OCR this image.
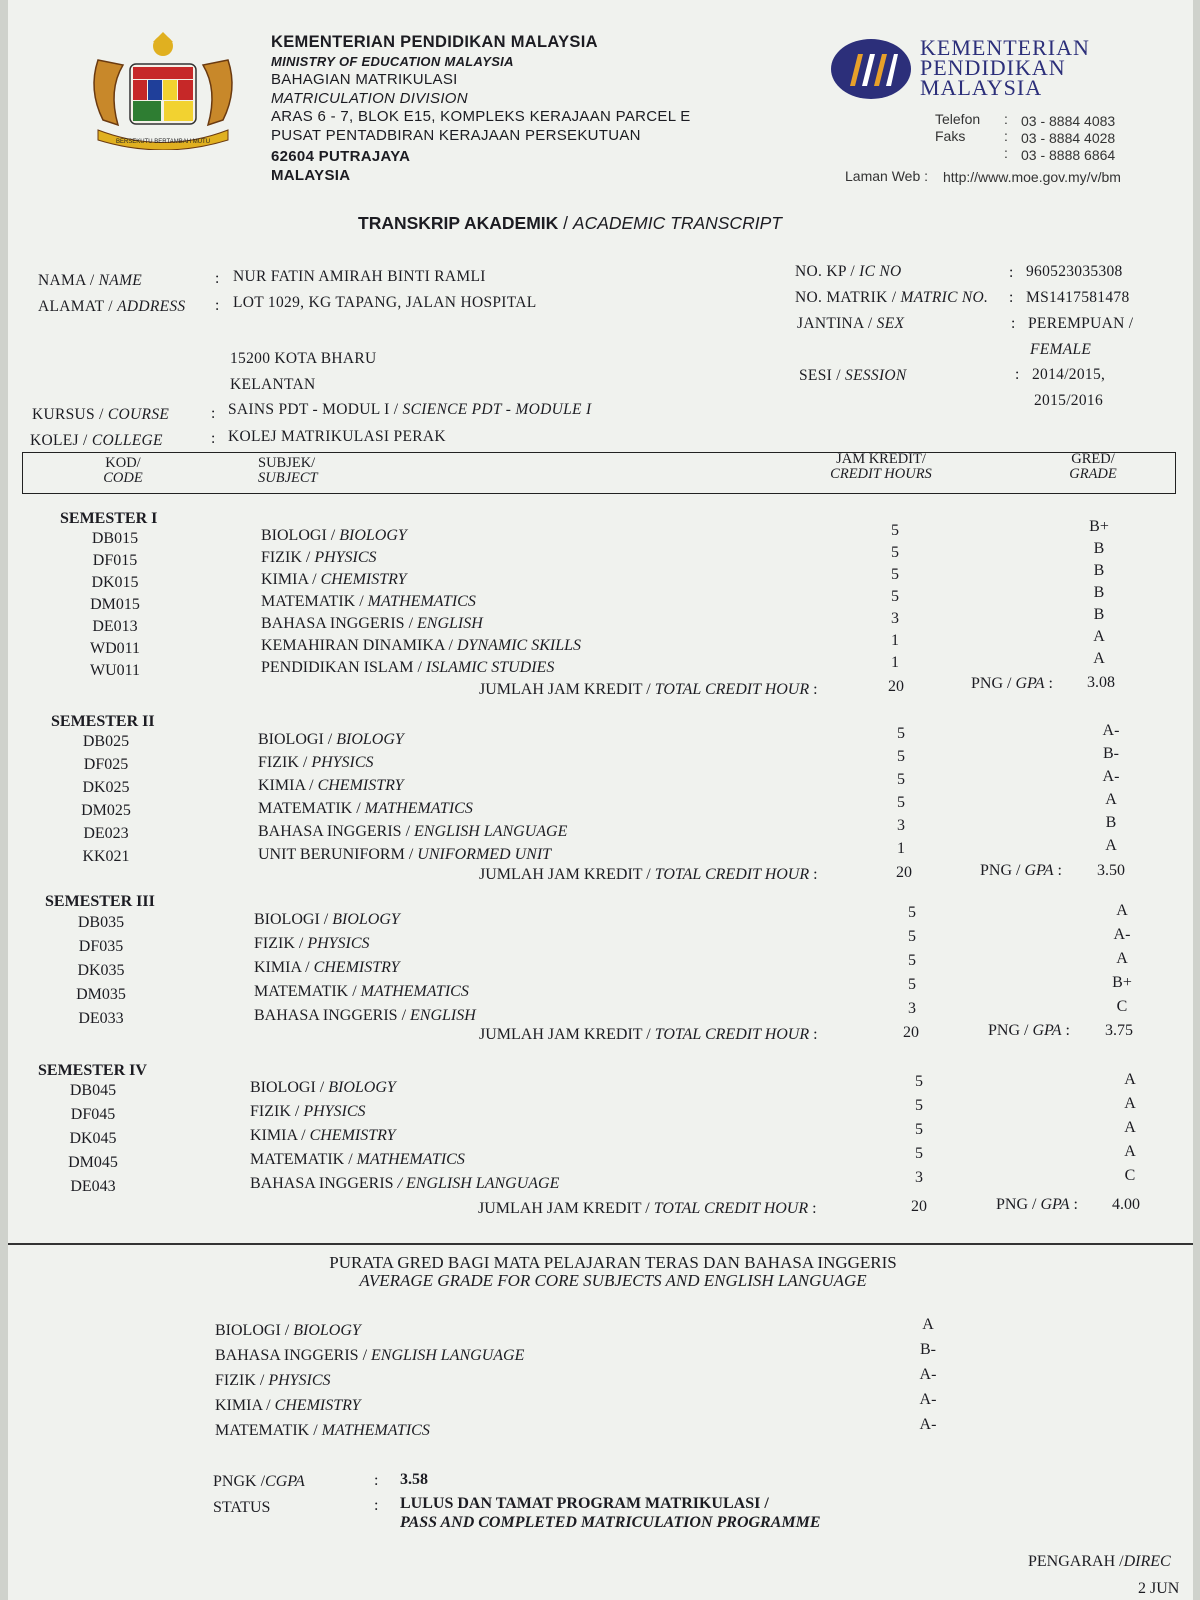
BERSEKUTU BERTAMBAH MUTU
KEMENTERIAN PENDIDIKAN MALAYSIA
MINISTRY OF EDUCATION MALAYSIA
BAHAGIAN MATRIKULASI
MATRICULATION DIVISION
ARAS 6 - 7, BLOK E15, KOMPLEKS KERAJAAN PARCEL E
PUSAT PENTADBIRAN KERAJAAN PERSEKUTUAN
62604 PUTRAJAYA
MALAYSIA
KEMENTERIAN
PENDIDIKAN
MALAYSIA
Telefon : 03 - 8884 4083
Faks	: 03 - 8884 4028
: 03 - 8888 6864
Laman Web : http://www.moe.gov.my/v/bm
TRANSKRIP AKADEMIK / ACADEMIC TRANSCRIPT
NAMA / NAME	: NUR FATIN AMIRAH BINTI RAMLI
ALAMAT / ADDRESS : LOT 1029, KG TAPANG, JALAN HOSPITAL
15200 KOTA BHARU
KELANTAN
KURSUS / COURSE	: SAINS PDT - MODUL I / SCIENCE PDT - MODULE I
KOLEJ / COLLEGE	: KOLEJ MATRIKULASI PERAK
NO. KP / IC NO	: 960523035308
NO. MATRIK / MATRIC NO. : MS1417581478
JANTINA / SEX	: PEREMPUAN /
FEMALE
SESI / SESSION	: 2014/2015,
2015/2016
KOD/
CODE
SUBJEK/
SUBJECT
JAM KREDIT/
CREDIT HOURS
GRED/
GRADE
SEMESTER I
DB015	BIOLOGI / BIOLOGY	5	B+
DF015	FIZIK / PHYSICS	5	B
DK015	KIMIA / CHEMISTRY	5	B
DM015	MATEMATIK / MATHEMATICS	5	B
DE013	BAHASA INGGERIS / ENGLISH	3	B
WD011	KEMAHIRAN DINAMIKA / DYNAMIC SKILLS	1	A
WU011	PENDIDIKAN ISLAM / ISLAMIC STUDIES	1	A
JUMLAH JAM KREDIT / TOTAL CREDIT HOUR :	20	PNG / GPA : 3.08
SEMESTER II
DB025	BIOLOGI / BIOLOGY	5	A-
DF025	FIZIK / PHYSICS	5	B-
DK025	KIMIA / CHEMISTRY	5	A-
DM025	MATEMATIK / MATHEMATICS	5	A
DE023	BAHASA INGGERIS / ENGLISH LANGUAGE	3	B
KK021	UNIT BERUNIFORM / UNIFORMED UNIT	1	A
JUMLAH JAM KREDIT / TOTAL CREDIT HOUR :	20	PNG / GPA : 3.50
SEMESTER III
DB035	BIOLOGI / BIOLOGY	5	A
DF035	FIZIK / PHYSICS	5	A-
DK035	KIMIA / CHEMISTRY	5	A
DM035	MATEMATIK / MATHEMATICS	5	B+
DE033	BAHASA INGGERIS / ENGLISH	3	C
JUMLAH JAM KREDIT / TOTAL CREDIT HOUR :	20	PNG / GPA : 3.75
SEMESTER IV
DB045	BIOLOGI / BIOLOGY	5	A
DF045	FIZIK / PHYSICS	5	A
DK045	KIMIA / CHEMISTRY	5	A
DM045	MATEMATIK / MATHEMATICS	5	A
DE043	BAHASA INGGERIS / ENGLISH LANGUAGE	3	C
JUMLAH JAM KREDIT / TOTAL CREDIT HOUR :	20	PNG / GPA : 4.00
PURATA GRED BAGI MATA PELAJARAN TERAS DAN BAHASA INGGERIS
AVERAGE GRADE FOR CORE SUBJECTS AND ENGLISH LANGUAGE
BIOLOGI / BIOLOGY	A
BAHASA INGGERIS / ENGLISH LANGUAGE	B-
FIZIK / PHYSICS	A-
KIMIA / CHEMISTRY	A-
MATEMATIK / MATHEMATICS	A-
PNGK /CGPA	: 3.58
STATUS	: LULUS DAN TAMAT PROGRAM MATRIKULASI /
PASS AND COMPLETED MATRICULATION PROGRAMME
PENGARAH /DIREC
2 JUN
